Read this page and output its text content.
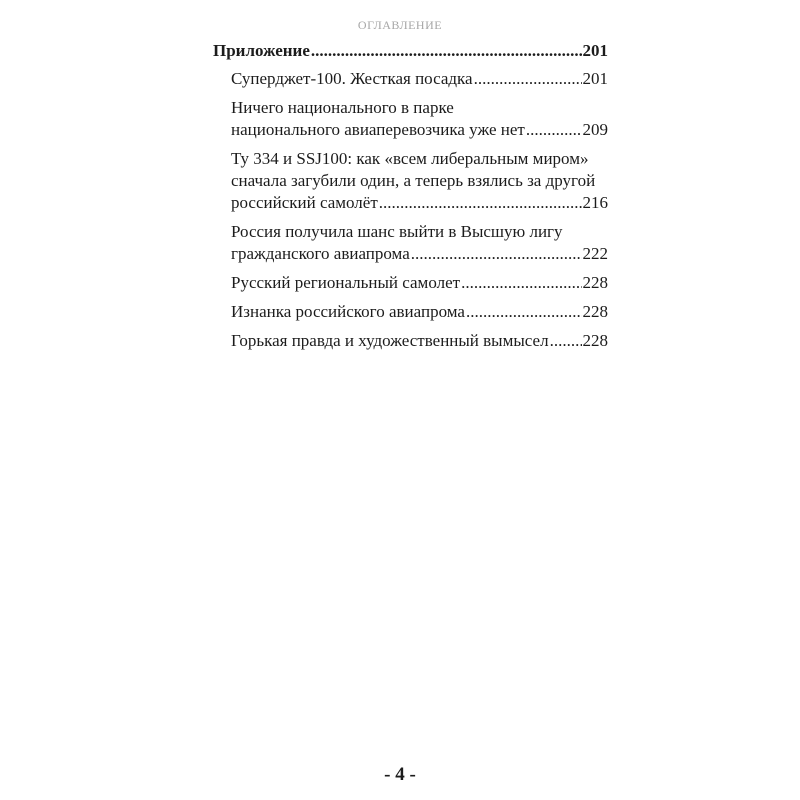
ОГЛАВЛЕНИЕ
Приложение .....	201
Суперджет-100. Жесткая посадка .....	201
Ничего национального в парке
национального авиаперевозчика уже нет .....	209
Ту 334 и SSJ100: как «всем либеральным миром»
сначала загубили один, а теперь взялись за другой
российский самолёт .....	216
Россия получила шанс выйти в Высшую лигу
гражданского авиапрома .....	222
Русский региональный самолет .....	228
Изнанка российского авиапрома .....	228
Горькая правда и художественный вымысел ..... 228
- 4 -
